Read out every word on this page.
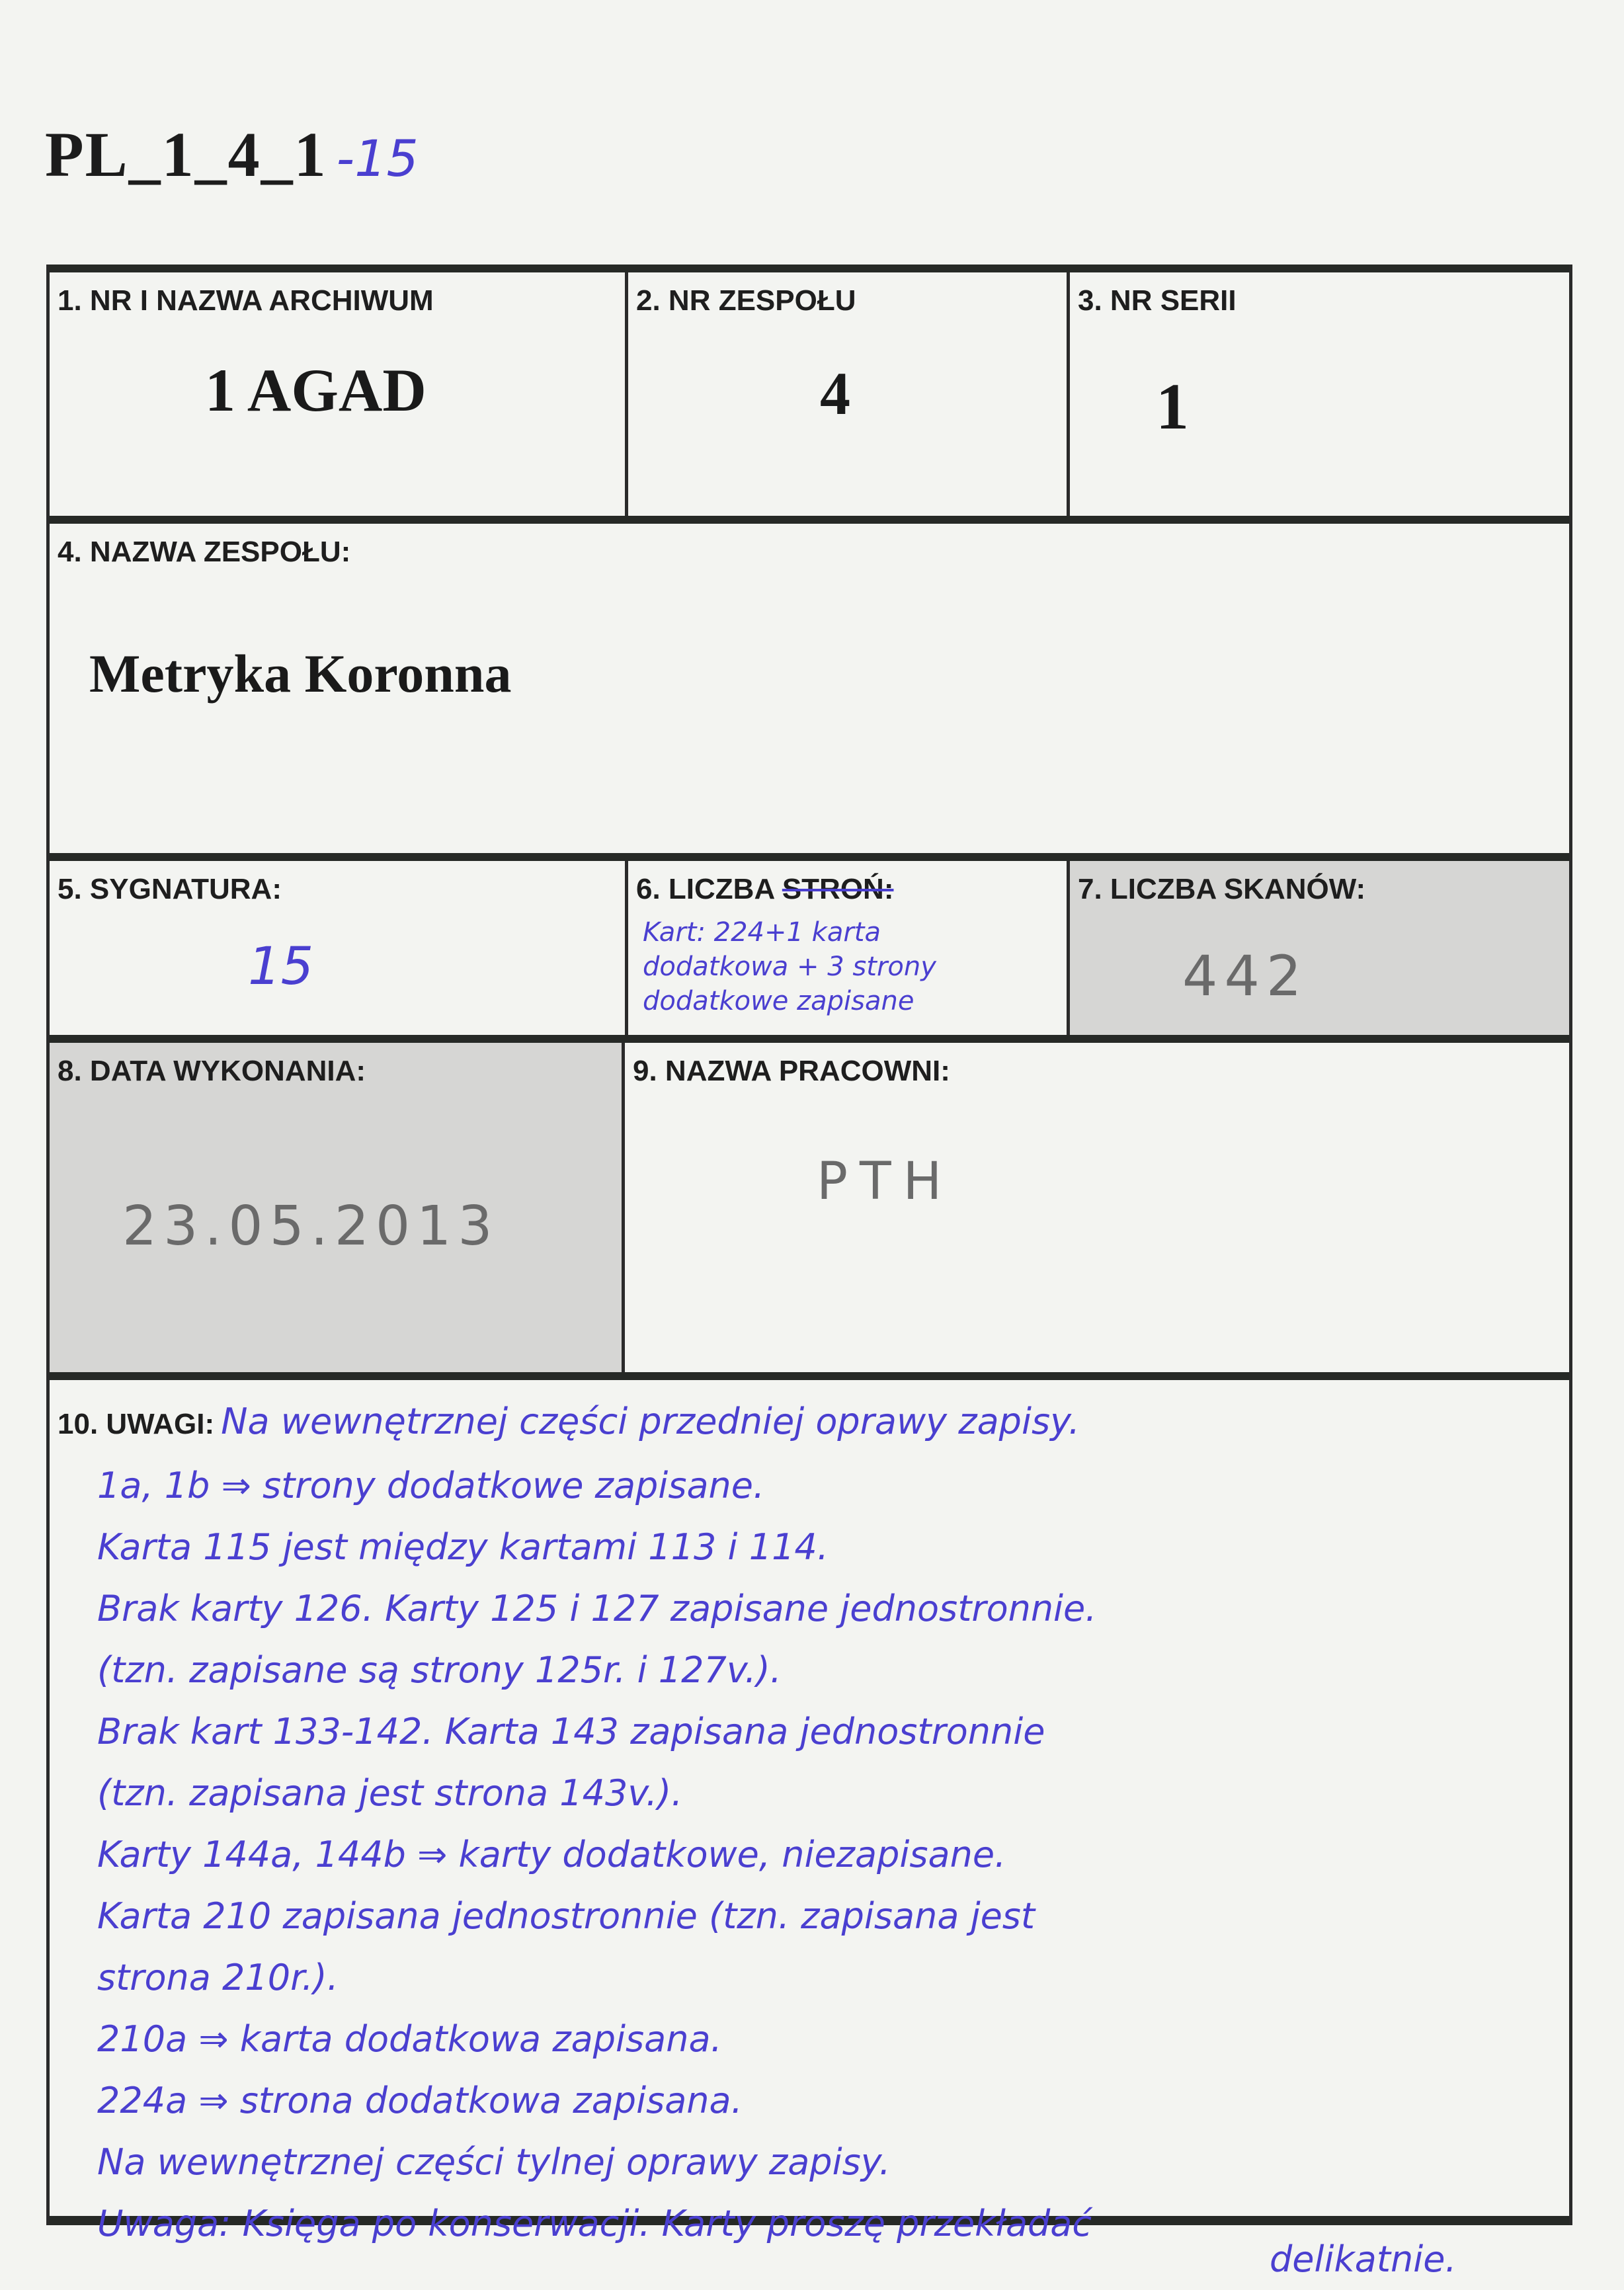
PL_1_4_1 -15
1. NR I NAZWA ARCHIWUM
1 AGAD
2. NR ZESPOŁU
4
3. NR SERII
1
4. NAZWA ZESPOŁU:
Metryka Koronna
5. SYGNATURA:
15
6. LICZBA STROŃ:
Kart: 224+1 karta
dodatkowa + 3 strony
dodatkowe zapisane
7. LICZBA SKANÓW:
442
8. DATA WYKONANIA:
23.05.2013
9. NAZWA PRACOWNI:
PTH
10. UWAGI: Na wewnętrznej części przedniej oprawy zapisy.
1a, 1b ⇒ strony dodatkowe zapisane.
Karta 115 jest między kartami 113 i 114.
Brak karty 126. Karty 125 i 127 zapisane jednostronnie.
(tzn. zapisane są strony 125r. i 127v.).
Brak kart 133-142. Karta 143 zapisana jednostronnie
(tzn. zapisana jest strona 143v.).
Karty 144a, 144b ⇒ karty dodatkowe, niezapisane.
Karta 210 zapisana jednostronnie (tzn. zapisana jest
strona 210r.).
210a ⇒ karta dodatkowa zapisana.
224a ⇒ strona dodatkowa zapisana.
Na wewnętrznej części tylnej oprawy zapisy.
Uwaga: Księga po konserwacji. Karty proszę przekładać
delikatnie.
